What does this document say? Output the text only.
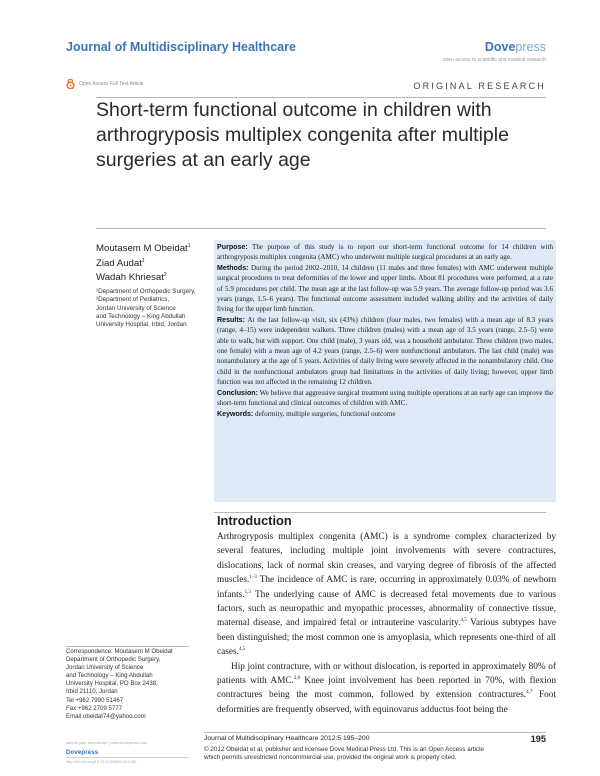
Journal of Multidisciplinary Healthcare	Dovepress
open access to scientific and medical research
Open Access Full Text Article	ORIGINAL RESEARCH
Short-term functional outcome in children with
arthrogryposis multiplex congenita after multiple
surgeries at an early age
Moutasem M Obeidat$^1$
Ziad Audat$^1$
Wadah Khriesat$^2$
¹Department of Orthopedic Surgery,
²Department of Pediatrics,
Jordan University of Science
and Technology – King Abdullah
University Hospital, Irbid, Jordan
Correspondence: Moutasem M Obeidat
Department of Orthopedic Surgery,
Jordan University of Science
and Technology – King Abdullah
University Hospital, PO Box 2438,
Irbid 21110, Jordan
Tel +962 7990 51467
Fax +962 2709 5777
Email obeidat74@yahoo.com

Purpose: The purpose of this study is to report our short-term functional outcome for 14 children with arthrogryposis multiplex congenita (AMC) who underwent multiple surgical procedures at an early age.

Methods: During the period 2002–2010, 14 children (11 males and three females) with AMC underwent multiple surgical procedures to treat deformities of the lower and upper limbs. About 81 procedures were performed, at a rate of 5.9 procedures per child. The mean age at the last follow-up was 5.9 years. The average follow-up period was 3.6 years (range, 1.5–6 years). The functional outcome assessment included walking ability and the activities of daily living for the upper limb function.

Results: At the last follow-up visit, six (43%) children (four males, two females) with a mean age of 8.3 years (range, 4–15) were independent walkers. Three children (males) with a mean age of 3.5 years (range, 2.5–5) were able to walk, but with support. One child (male), 3 years old, was a household ambulator. Three children (two males, one female) with a mean age of 4.2 years (range, 2.5–6) were nonfunctional ambulators. The last child (male) was nonambulatory at the age of 5 years. Activities of daily living were severely affected in the nonambulatory child. One child in the nonfunctional ambulators group had limitations in the activities of daily living; however, upper limb function was not affected in the remaining 12 children.

Conclusion: We believe that aggressive surgical treatment using multiple operations at an early age can improve the short-term functional and clinical outcomes of children with AMC.

Keywords: deformity, multiple surgeries, functional outcome

Introduction

Arthrogryposis multiplex congenita (AMC) is a syndrome complex characterized by several features, including multiple joint involvements with severe contractures, dislocations, lack of normal skin creases, and varying degree of fibrosis of the affected muscles.$^{1-3}$ The incidence of AMC is rare, occurring in approximately 0.03% of newborn infants.$^{1,3}$ The underlying cause of AMC is decreased fetal movements due to various factors, such as neuropathic and myopathic processes, abnormality of connective tissue, maternal disease, and impaired fetal or intrauterine vascularity.$^{4,5}$ Various subtypes have been distinguished; the most common one is amyoplasia, which represents one-third of all cases.$^{4,5}$

Hip joint contracture, with or without dislocation, is reported in approximately 80% of patients with AMC.$^{2,6}$ Knee joint involvement has been reported in 70%, with flexion contractures being the most common, followed by extension contractures.$^{4,7}$ Foot deformities are frequently observed, with equinovarus adductus foot being the

submit your manuscript | www.dovepress.com
Dovepress
http://dx.doi.org/10.2147/JMDH.S31432
Journal of Multidisciplinary Healthcare 2012:5 195–200	195
© 2012 Obeidat et al, publisher and licensee Dove Medical Press Ltd. This is an Open Access article
which permits unrestricted noncommercial use, provided the original work is properly cited.
